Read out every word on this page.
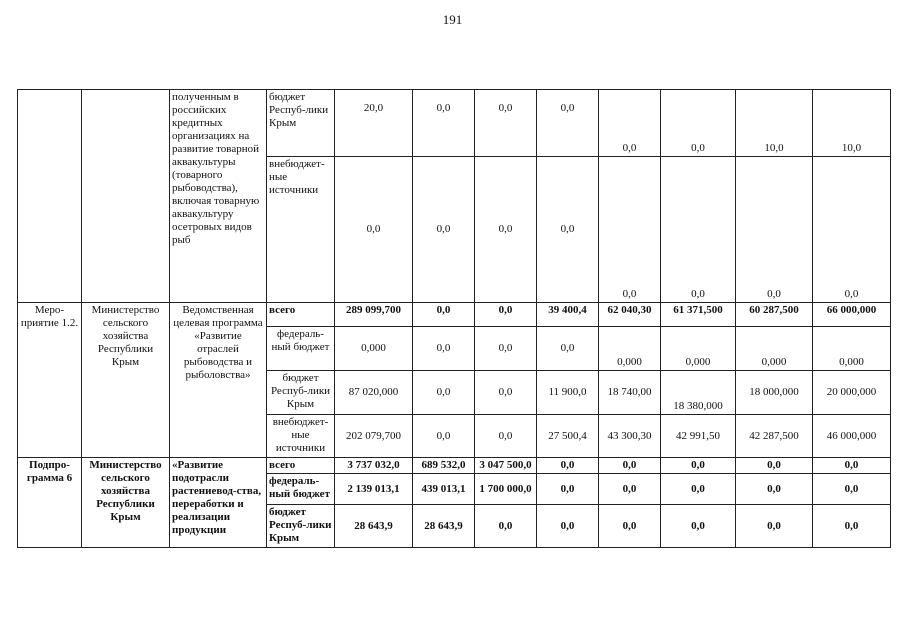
191
		полученным в российских кредитных организациях на развитие товарной аквакультуры (товарного рыбоводства), включая товарную аквакультуру осетровых видов рыб	бюджет Респуб-лики Крым	20,0	0,0	0,0	0,0	0,0	0,0	10,0	10,0
			внебюджет-ные источники	0,0	0,0	0,0	0,0	0,0	0,0	0,0	0,0
Меро-приятие 1.2.	Министерство сельского хозяйства Республики Крым	Ведомственная целевая программа «Развитие отраслей рыбоводства и рыболовства»	всего	289 099,700	0,0	0,0	39 400,4	62 040,30	61 371,500	60 287,500	66 000,000
			федераль-ный бюджет	0,000	0,0	0,0	0,0	0,000	0,000	0,000	0,000
			бюджет Респуб-лики Крым	87 020,000	0,0	0,0	11 900,0	18 740,00	18 380,000	18 000,000	20 000,000
			внебюджет-ные источники	202 079,700	0,0	0,0	27 500,4	43 300,30	42 991,50	42 287,500	46 000,000
Подпро-грамма 6	Министерство сельского хозяйства Республики Крым	«Развитие подотрасли растениевод-ства, переработки и реализации продукции	всего	3 737 032,0	689 532,0	3 047 500,0	0,0	0,0	0,0	0,0	0,0
			федераль-ный бюджет	2 139 013,1	439 013,1	1 700 000,0	0,0	0,0	0,0	0,0	0,0
			бюджет Респуб-лики Крым	28 643,9	28 643,9	0,0	0,0	0,0	0,0	0,0	0,0
